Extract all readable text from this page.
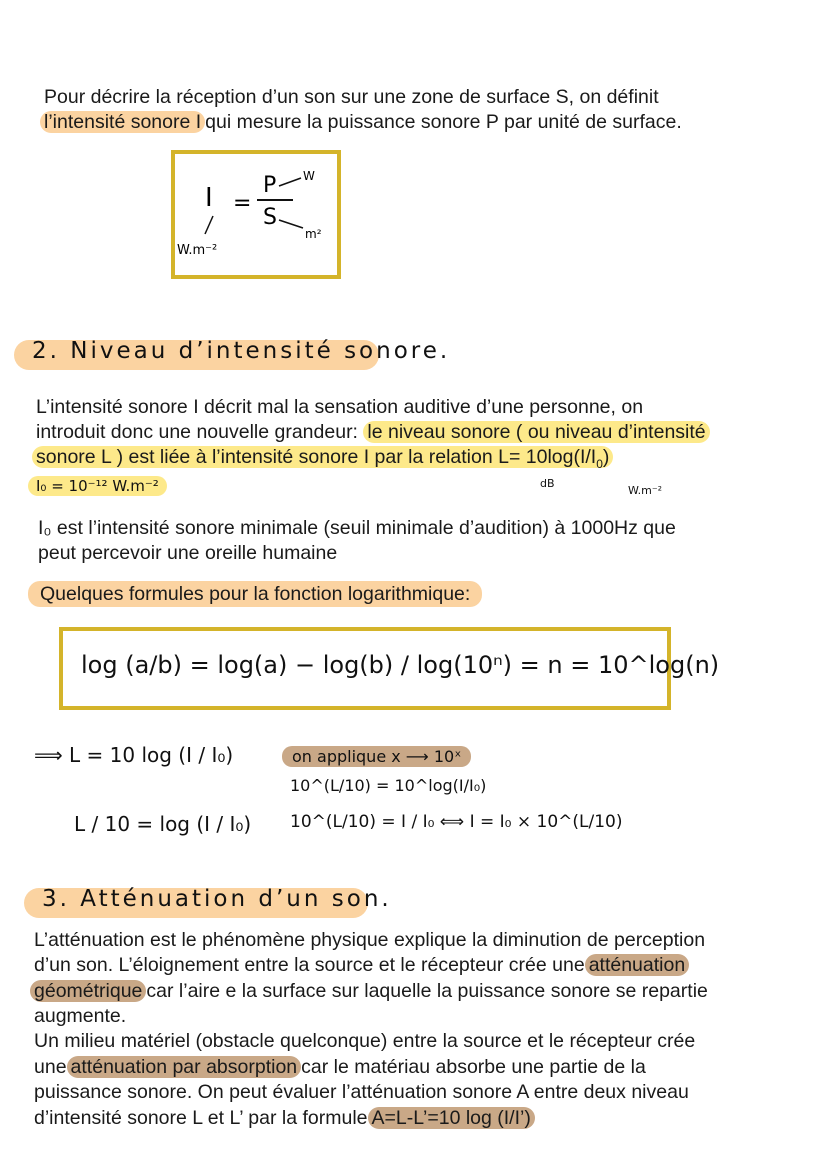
Pour décrire la réception d’un son sur une zone de surface S, on définit

l’intensité sonore I qui mesure la puissance sonore P par unité de surface.

I =
P
S
W
m²
W.m⁻²
2. Niveau d’intensité sonore.

L’intensité sonore I décrit mal la sensation auditive d’une personne, on

introduit donc une nouvelle grandeur: le niveau sonore ( ou niveau d’intensité

sonore L ) est liée à l’intensité sonore I par la relation $L= 10\log(I/I_0)$

I₀ = 10⁻¹² W.m⁻²	dB
W.m⁻²

I₀ est l’intensité sonore minimale (seuil minimale d’audition) à 1000Hz que

peut percevoir une oreille humaine

Quelques formules pour la fonction logarithmique:

log (a/b) = log(a) − log(b) / log(10ⁿ) = n = 10^log(n)
⟹ L = 10 log (I / I₀)
L / 10 = log (I / I₀)
on applique x ⟶ 10ˣ
10^(L/10) = 10^log(I/I₀)
10^(L/10) = I / I₀ ⟺ I = I₀ × 10^(L/10)
3. Atténuation d’un son.

L’atténuation est le phénomène physique explique la diminution de perception

d’un son. L’éloignement entre la source et le récepteur crée une atténuation

géométrique car l’aire e la surface sur laquelle la puissance sonore se repartie

augmente.

Un milieu matériel (obstacle quelconque) entre la source et le récepteur crée

une atténuation par absorption car le matériau absorbe une partie de la

puissance sonore. On peut évaluer l’atténuation sonore A entre deux niveau

d’intensité sonore L et L’ par la formule A=L-L’=10 log (I/I’)
